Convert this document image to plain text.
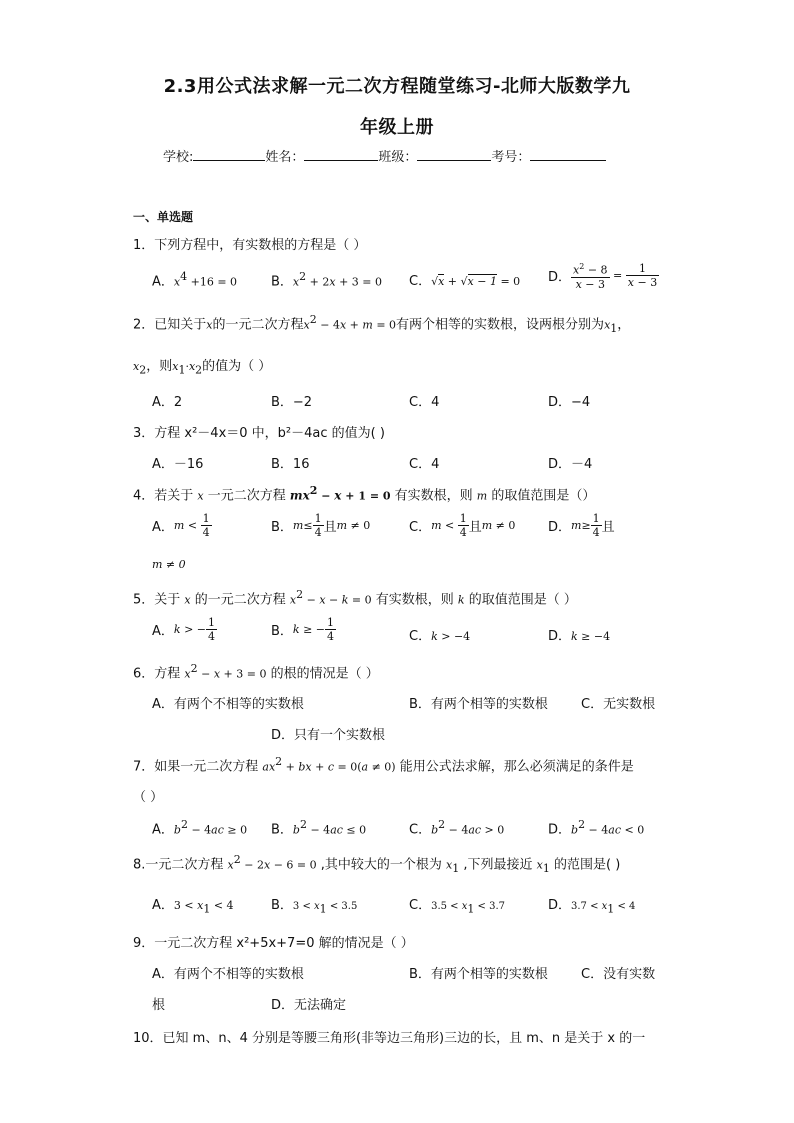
2.3用公式法求解一元二次方程随堂练习-北师大版数学九
年级上册
学校:	姓名：	班级：	考号：
一、单选题
1．下列方程中，有实数根的方程是（ ）
A．$x^4 +16 = 0$	B．$x^2 + 2x + 3 = 0$ C．√x + √x − 1 = 0 D． $\frac{x^2 - 8}{x - 3} = \frac{1}{x - 3}$
2．已知关于x的一元二次方程$x^2 - 4x + m = 0$有两个相等的实数根，设两根分别为$x_1$，
$x_2$，则$x_1\cdot x_2$的值为（ ）
A．2	B．−2	C．4	D．−4
3．方程 x²－4x＝0 中，b²－4ac 的值为( )
A．－16	B．16	C．4	D．－4
4．若关于 x 一元二次方程 $mx^2 - x + 1 = 0$ 有实数根，则 m 的取值范围是（）
A．$m < \frac{1}{4}$	B．$m\le \frac{1}{4}$ 且m ≠ 0	C．$m < \frac{1}{4}$ 且m ≠ 0	D．$m\ge \frac{1}{4}$ 且
m ≠ 0
5．关于 x 的一元二次方程 $x^2 - x - k = 0$ 有实数根，则 k 的取值范围是（ ）
A．k > − $\frac{1}{4}$	B．k ≥ − $\frac{1}{4}$	C．k > −4	D．k ≥ −4
6．方程 $x^2 - x + 3 = 0$ 的根的情况是（ ）
A．有两个不相等的实数根	B．有两个相等的实数根	C．无实数根
D．只有一个实数根
7．如果一元二次方程 $ax^2$ + bx + c = 0(a ≠ 0) 能用公式法求解，那么必须满足的条件是
（ ）
A．$b^2 - 4ac \ge 0$ B．$b^2 - 4ac \le 0$	C．$b^2 - 4ac > 0$	D．$b^2 - 4ac < 0$
8.一元二次方程 $x^2 - 2x - 6 = 0$ ,其中较大的一个根为 $x_1$ ,下列最接近 $x_1$ 的范围是( )
A．$3 < x_1 < 4$	B．$3 < x_1 < 3.5$	C．$3.5 < x_1 < 3.7$	D．$3.7 < x_1 < 4$
9．一元二次方程 x²+5x+7=0 解的情况是（ ）
A．有两个不相等的实数根	B．有两个相等的实数根	C．没有实数
根	D．无法确定
10．已知 m、n、4 分别是等腰三角形(非等边三角形)三边的长，且 m、n 是关于 x 的一
